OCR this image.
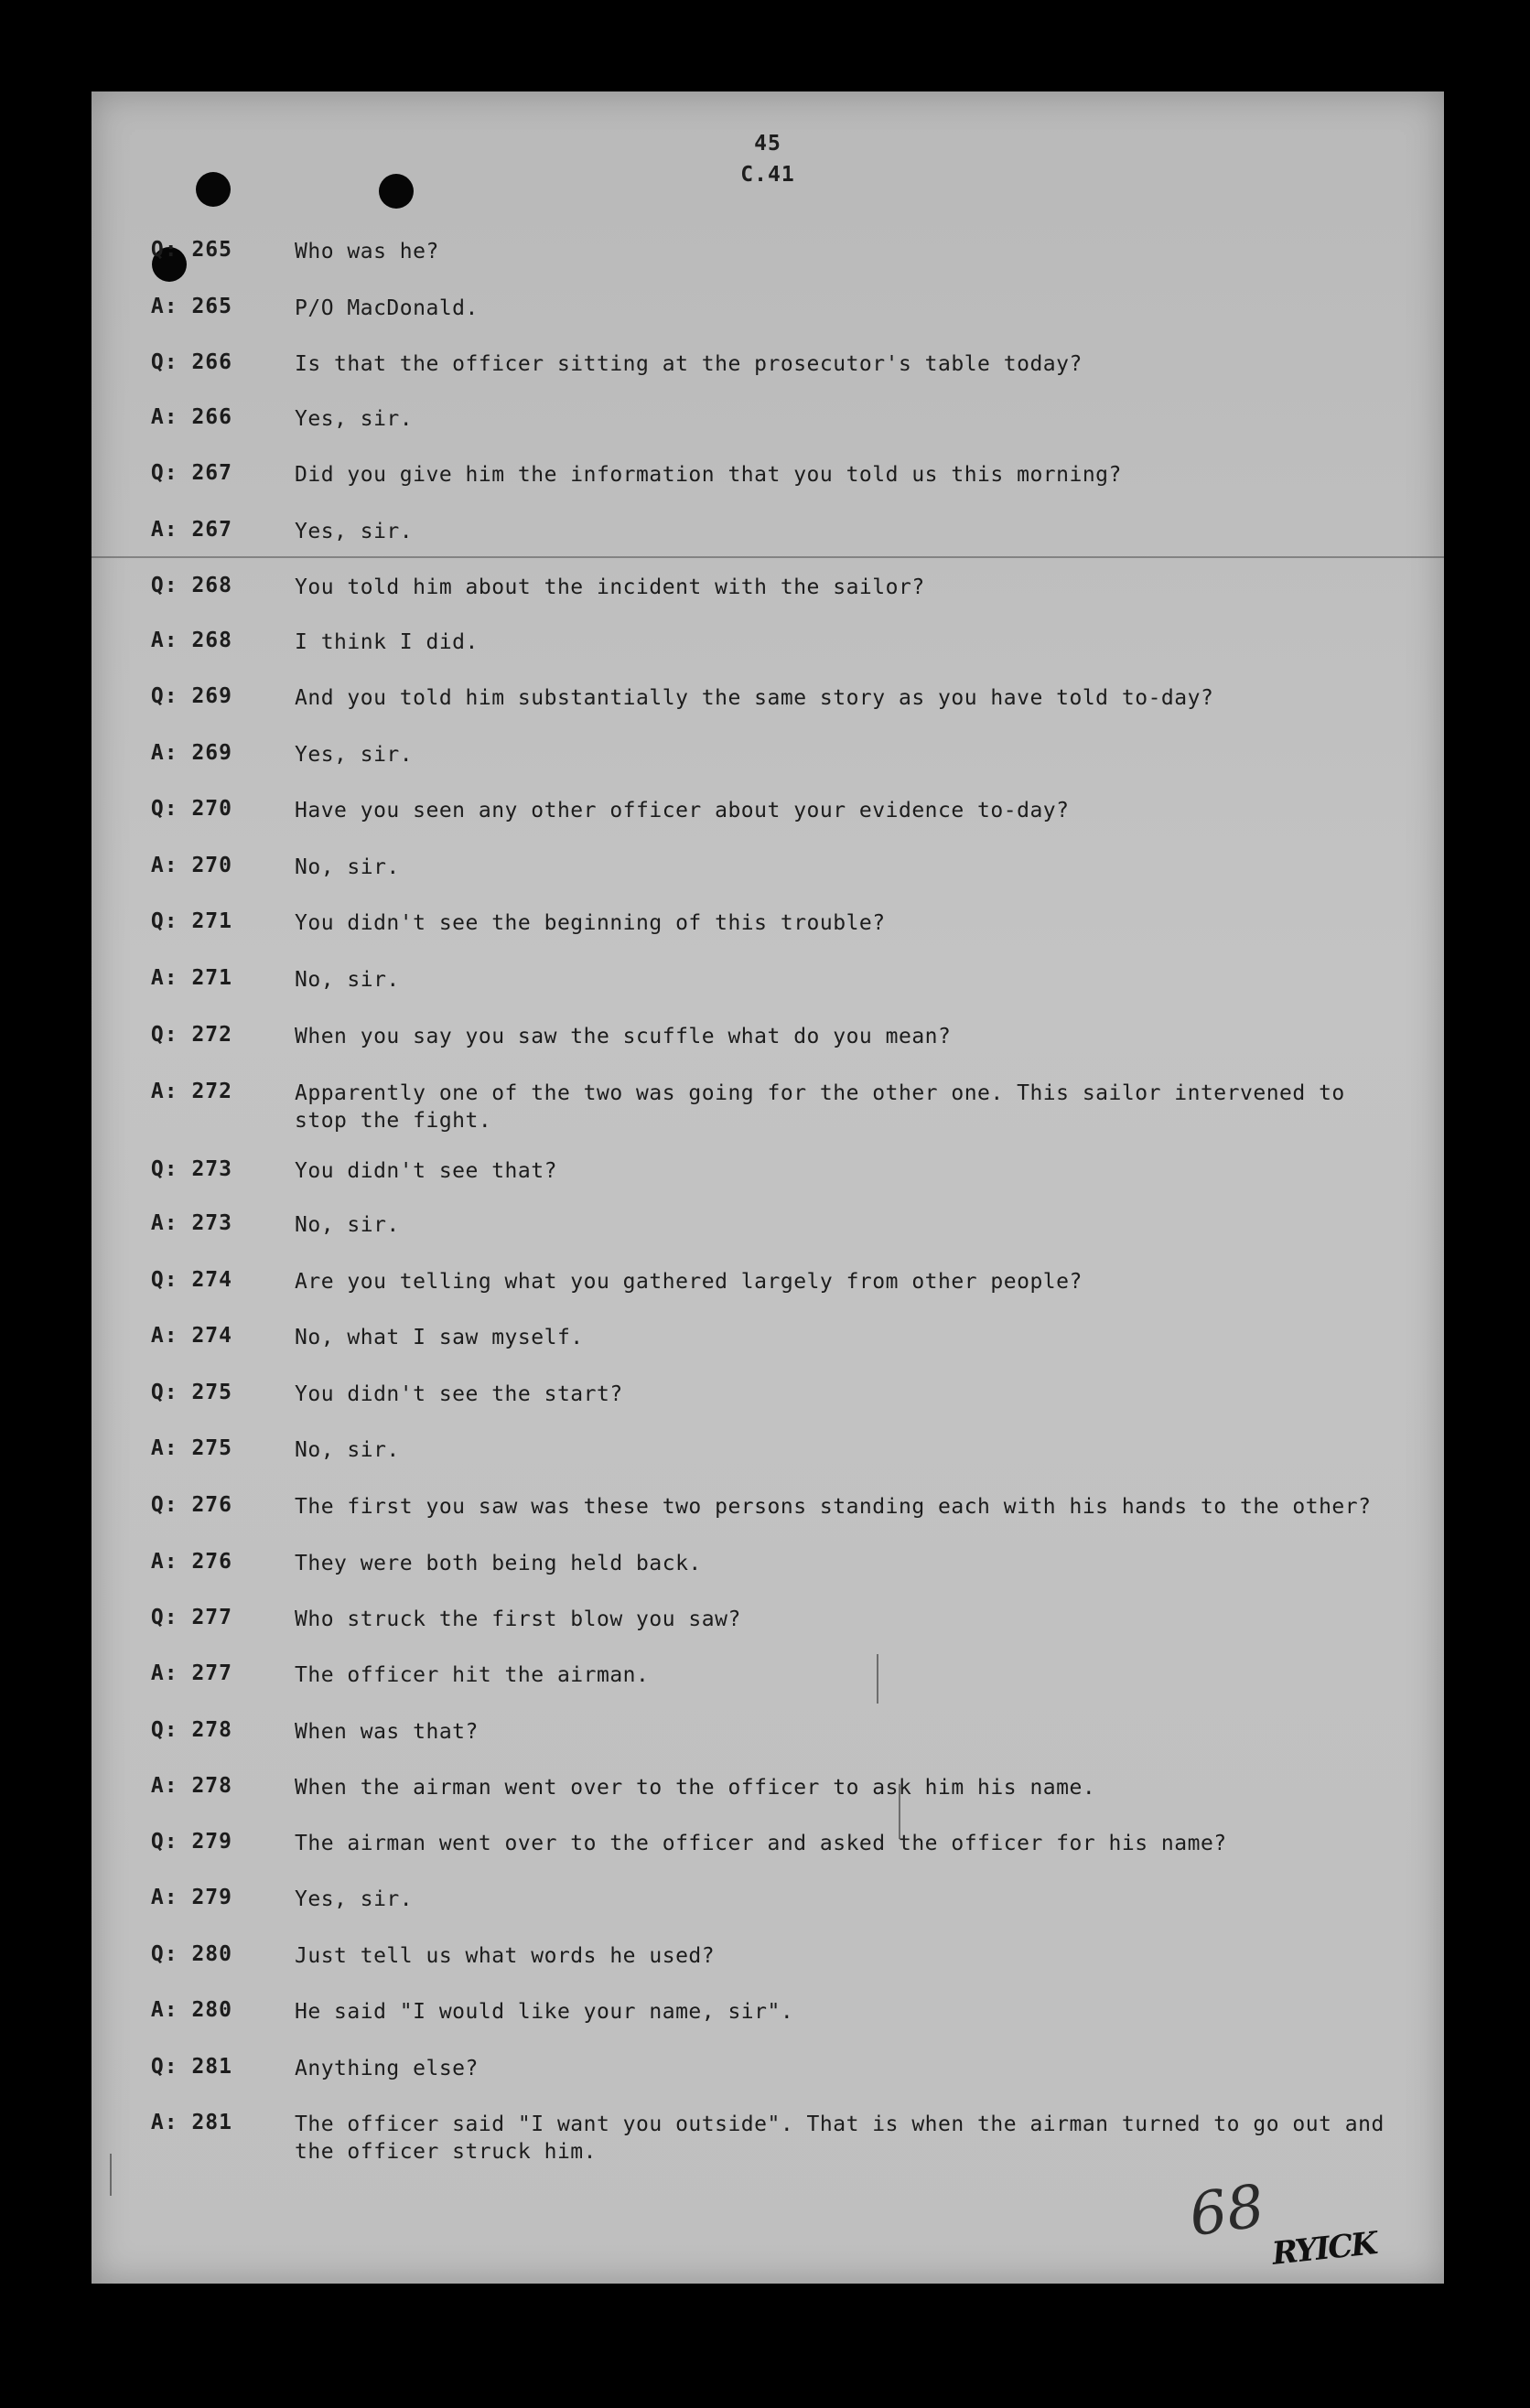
45
C.41
Q: 265	Who was he?
A: 265	P/O MacDonald.
Q: 266	Is that the officer sitting at the prosecutor's table today?
A: 266	Yes, sir.
Q: 267	Did you give him the information that you told us this morning?
A: 267	Yes, sir.
Q: 268	You told him about the incident with the sailor?
A: 268	I think I did.
Q: 269	And you told him substantially the same story as you have told to-day?
A: 269	Yes, sir.
Q: 270	Have you seen any other officer about your evidence to-day?
A: 270	No, sir.
Q: 271	You didn't see the beginning of this trouble?
A: 271	No, sir.
Q: 272	When you say you saw the scuffle what do you mean?
A: 272	Apparently one of the two was going for the other one. This sailor intervened to stop the fight.
Q: 273	You didn't see that?
A: 273	No, sir.
Q: 274	Are you telling what you gathered largely from other people?
A: 274	No, what I saw myself.
Q: 275	You didn't see the start?
A: 275	No, sir.
Q: 276	The first you saw was these two persons standing each with his hands to the other?
A: 276	They were both being held back.
Q: 277	Who struck the first blow you saw?
A: 277	The officer hit the airman.
Q: 278	When was that?
A: 278	When the airman went over to the officer to ask him his name.
Q: 279	The airman went over to the officer and asked the officer for his name?
A: 279	Yes, sir.
Q: 280	Just tell us what words he used?
A: 280	He said "I would like your name, sir".
Q: 281	Anything else?
A: 281	The officer said "I want you outside". That is when the airman turned to go out and the officer struck him.
68 RYICK
